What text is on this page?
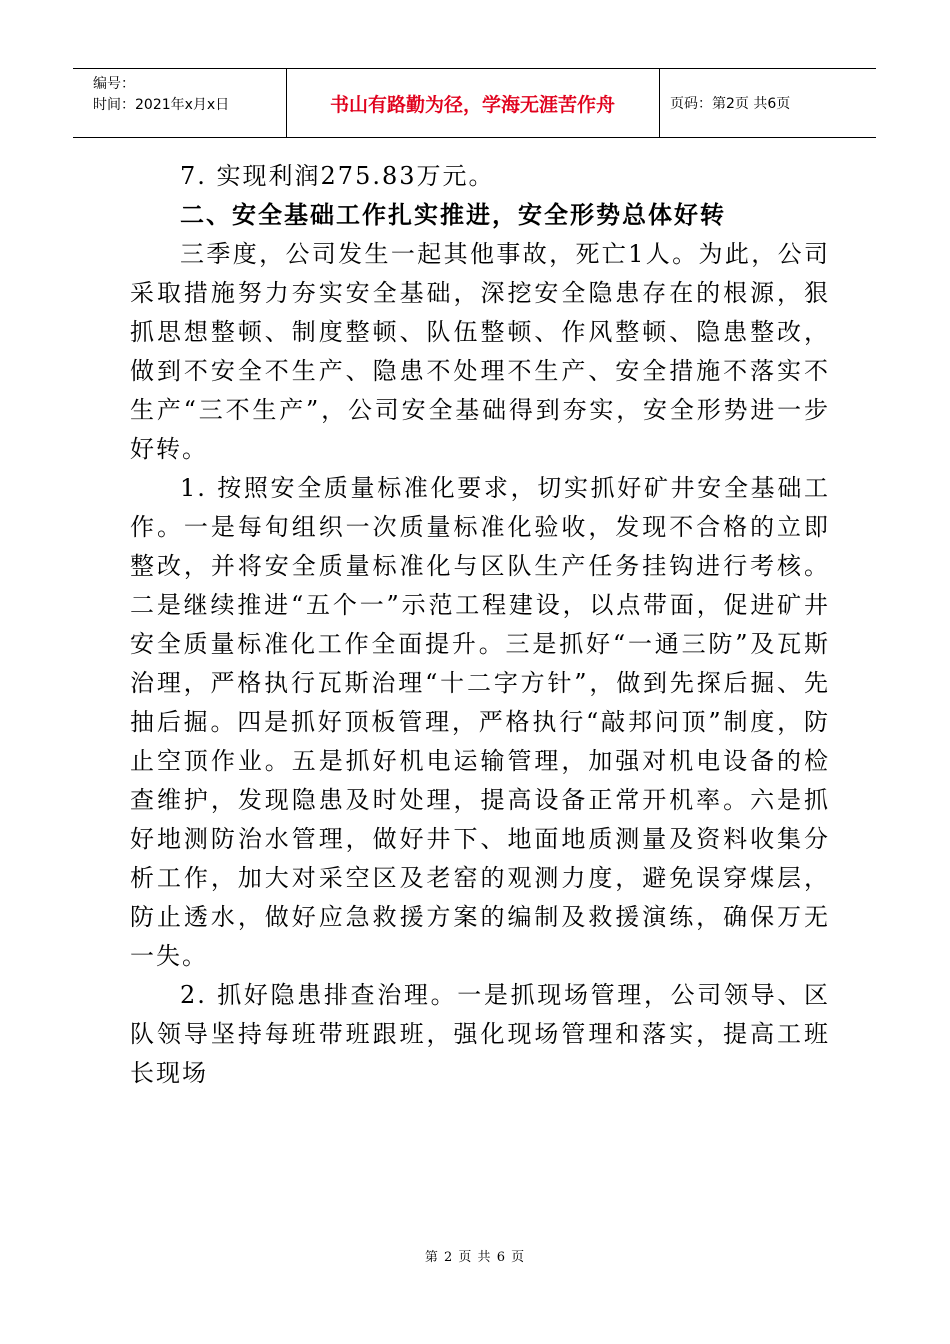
编号：
时间：2021年x月x日	书山有路勤为径，学海无涯苦作舟	页码：第2页 共6页

7. 实现利润275.83万元。

二、安全基础工作扎实推进，安全形势总体好转

三季度，公司发生一起其他事故，死亡1人。为此，公司采取措施努力夯实安全基础，深挖安全隐患存在的根源，狠抓思想整顿、制度整顿、队伍整顿、作风整顿、隐患整改，做到不安全不生产、隐患不处理不生产、安全措施不落实不生产“三不生产”，公司安全基础得到夯实，安全形势进一步好转。

1. 按照安全质量标准化要求，切实抓好矿井安全基础工作。一是每旬组织一次质量标准化验收，发现不合格的立即整改，并将安全质量标准化与区队生产任务挂钩进行考核。二是继续推进“五个一”示范工程建设，以点带面，促进矿井安全质量标准化工作全面提升。三是抓好“一通三防”及瓦斯治理，严格执行瓦斯治理“十二字方针”，做到先探后掘、先抽后掘。四是抓好顶板管理，严格执行“敲邦问顶”制度，防止空顶作业。五是抓好机电运输管理，加强对机电设备的检查维护，发现隐患及时处理，提高设备正常开机率。六是抓好地测防治水管理，做好井下、地面地质测量及资料收集分析工作，加大对采空区及老窑的观测力度，避免误穿煤层，防止透水，做好应急救援方案的编制及救援演练，确保万无一失。

2. 抓好隐患排查治理。一是抓现场管理，公司领导、区队领导坚持每班带班跟班，强化现场管理和落实，提高工班长现场

第 2 页 共 6 页
